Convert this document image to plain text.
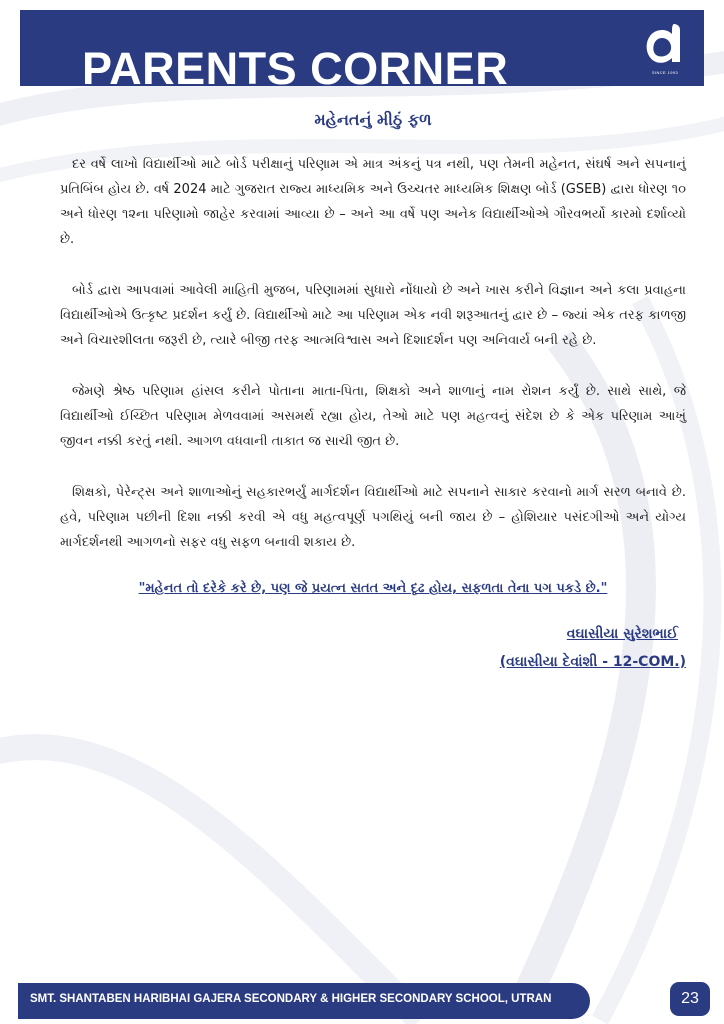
PARENTS CORNER	SINCE 1993
મહેનતનું મીઠું ફળ

દર વર્ષે લાખો વિદ્યાર્થીઓ માટે બોર્ડ પરીક્ષાનું પરિણામ એ માત્ર અંકનું પત્ર નથી, પણ તેમની મહેનત, સંઘર્ષ અને સપનાનું પ્રતિબિંબ હોય છે. વર્ષ 2024 માટે ગુજરાત રાજ્ય માધ્યમિક અને ઉચ્ચતર માધ્યમિક શિક્ષણ બોર્ડ (GSEB) દ્વારા ધોરણ ૧૦ અને ધોરણ ૧૨ના પરિણામો જાહેર કરવામાં આવ્યા છે – અને આ વર્ષે પણ અનેક વિદ્યાર્થીઓએ ગૌરવભર્યો કારમો દર્શાવ્યો છે.

બોર્ડ દ્વારા આપવામાં આવેલી માહિતી મુજબ, પરિણામમાં સુધારો નોંધાયો છે અને ખાસ કરીને વિજ્ઞાન અને કલા પ્રવાહના વિદ્યાર્થીઓએ ઉત્કૃષ્ટ પ્રદર્શન કર્યું છે. વિદ્યાર્થીઓ માટે આ પરિણામ એક નવી શરૂઆતનું દ્વાર છે – જ્યાં એક તરફ કાળજી અને વિચારશીલતા જરૂરી છે, ત્યારે બીજી તરફ આત્મવિશ્વાસ અને દિશાદર્શન પણ અનિવાર્ય બની રહે છે.

જેમણે શ્રેષ્ઠ પરિણામ હાંસલ કરીને પોતાના માતા-પિતા, શિક્ષકો અને શાળાનું નામ રોશન કર્યું છે. સાથે સાથે, જે વિદ્યાર્થીઓ ઈચ્છિત પરિણામ મેળવવામાં અસમર્થ રહ્યા હોય, તેઓ માટે પણ મહત્વનું સંદેશ છે કે એક પરિણામ આખું જીવન નક્કી કરતું નથી. આગળ વધવાની તાકાત જ સાચી જીત છે.

શિક્ષકો, પેરેન્ટ્સ અને શાળાઓનું સહકારભર્યું માર્ગદર્શન વિદ્યાર્થીઓ માટે સપનાને સાકાર કરવાનો માર્ગ સરળ બનાવે છે. હવે, પરિણામ પછીની દિશા નક્કી કરવી એ વધુ મહત્વપૂર્ણ પગથિયું બની જાય છે – હોશિયાર પસંદગીઓ અને યોગ્ય માર્ગદર્શનથી આગળનો સફર વધુ સફળ બનાવી શકાય છે.

"મહેનત તો દરેકે કરે છે, પણ જે પ્રયત્ન સતત અને દૃઢ હોય, સફળતા તેના પગ પકડે છે."
વઘાસીયા સુરેશભાઈ
(વઘાસીયા દેવાંશી - 12-COM.)
SMT. SHANTABEN HARIBHAI GAJERA SECONDARY & HIGHER SECONDARY SCHOOL, UTRAN	23
